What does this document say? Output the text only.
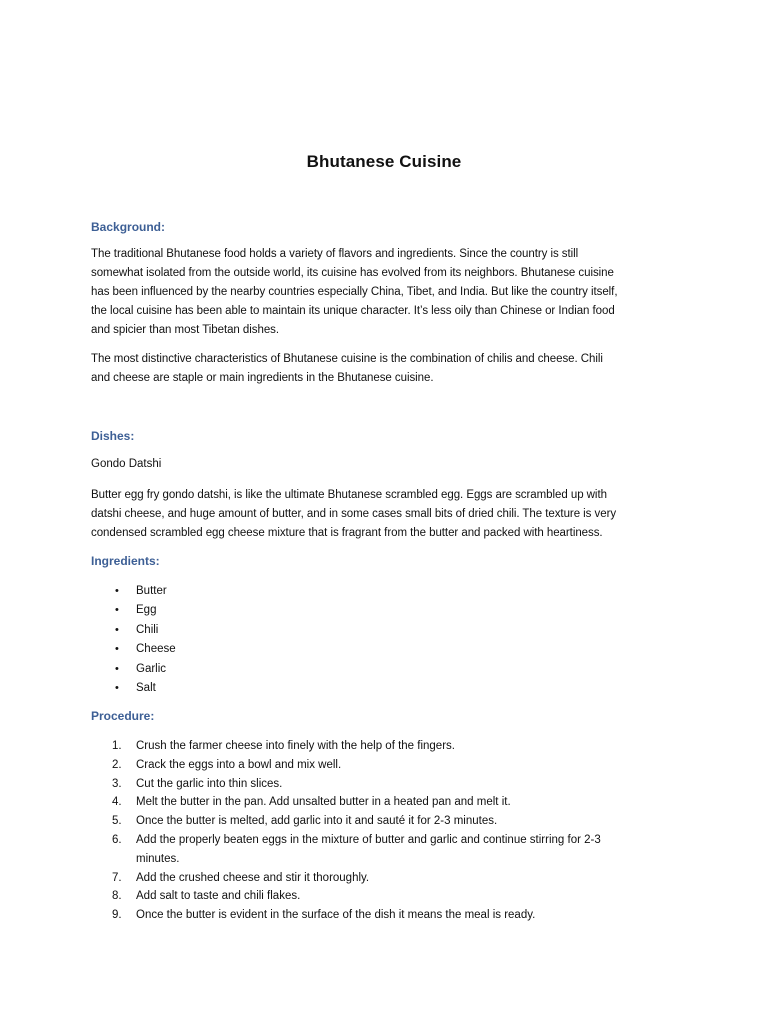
Bhutanese Cuisine

Background:

The traditional Bhutanese food holds a variety of flavors and ingredients. Since the country is still
somewhat isolated from the outside world, its cuisine has evolved from its neighbors. Bhutanese cuisine
has been influenced by the nearby countries especially China, Tibet, and India. But like the country itself,
the local cuisine has been able to maintain its unique character. It’s less oily than Chinese or Indian food
and spicier than most Tibetan dishes.

The most distinctive characteristics of Bhutanese cuisine is the combination of chilis and cheese. Chili
and cheese are staple or main ingredients in the Bhutanese cuisine.

Dishes:

Gondo Datshi

Butter egg fry gondo datshi, is like the ultimate Bhutanese scrambled egg. Eggs are scrambled up with
datshi cheese, and huge amount of butter, and in some cases small bits of dried chili. The texture is very
condensed scrambled egg cheese mixture that is fragrant from the butter and packed with heartiness.

Ingredients:

• Butter
• Egg
• Chili
• Cheese
• Garlic
• Salt

Procedure:

1. Crush the farmer cheese into finely with the help of the fingers.
2. Crack the eggs into a bowl and mix well.
3. Cut the garlic into thin slices.
4. Melt the butter in the pan. Add unsalted butter in a heated pan and melt it.
5. Once the butter is melted, add garlic into it and sauté it for 2-3 minutes.
6. Add the properly beaten eggs in the mixture of butter and garlic and continue stirring for 2-3
minutes.
7. Add the crushed cheese and stir it thoroughly.
8. Add salt to taste and chili flakes.
9. Once the butter is evident in the surface of the dish it means the meal is ready.
